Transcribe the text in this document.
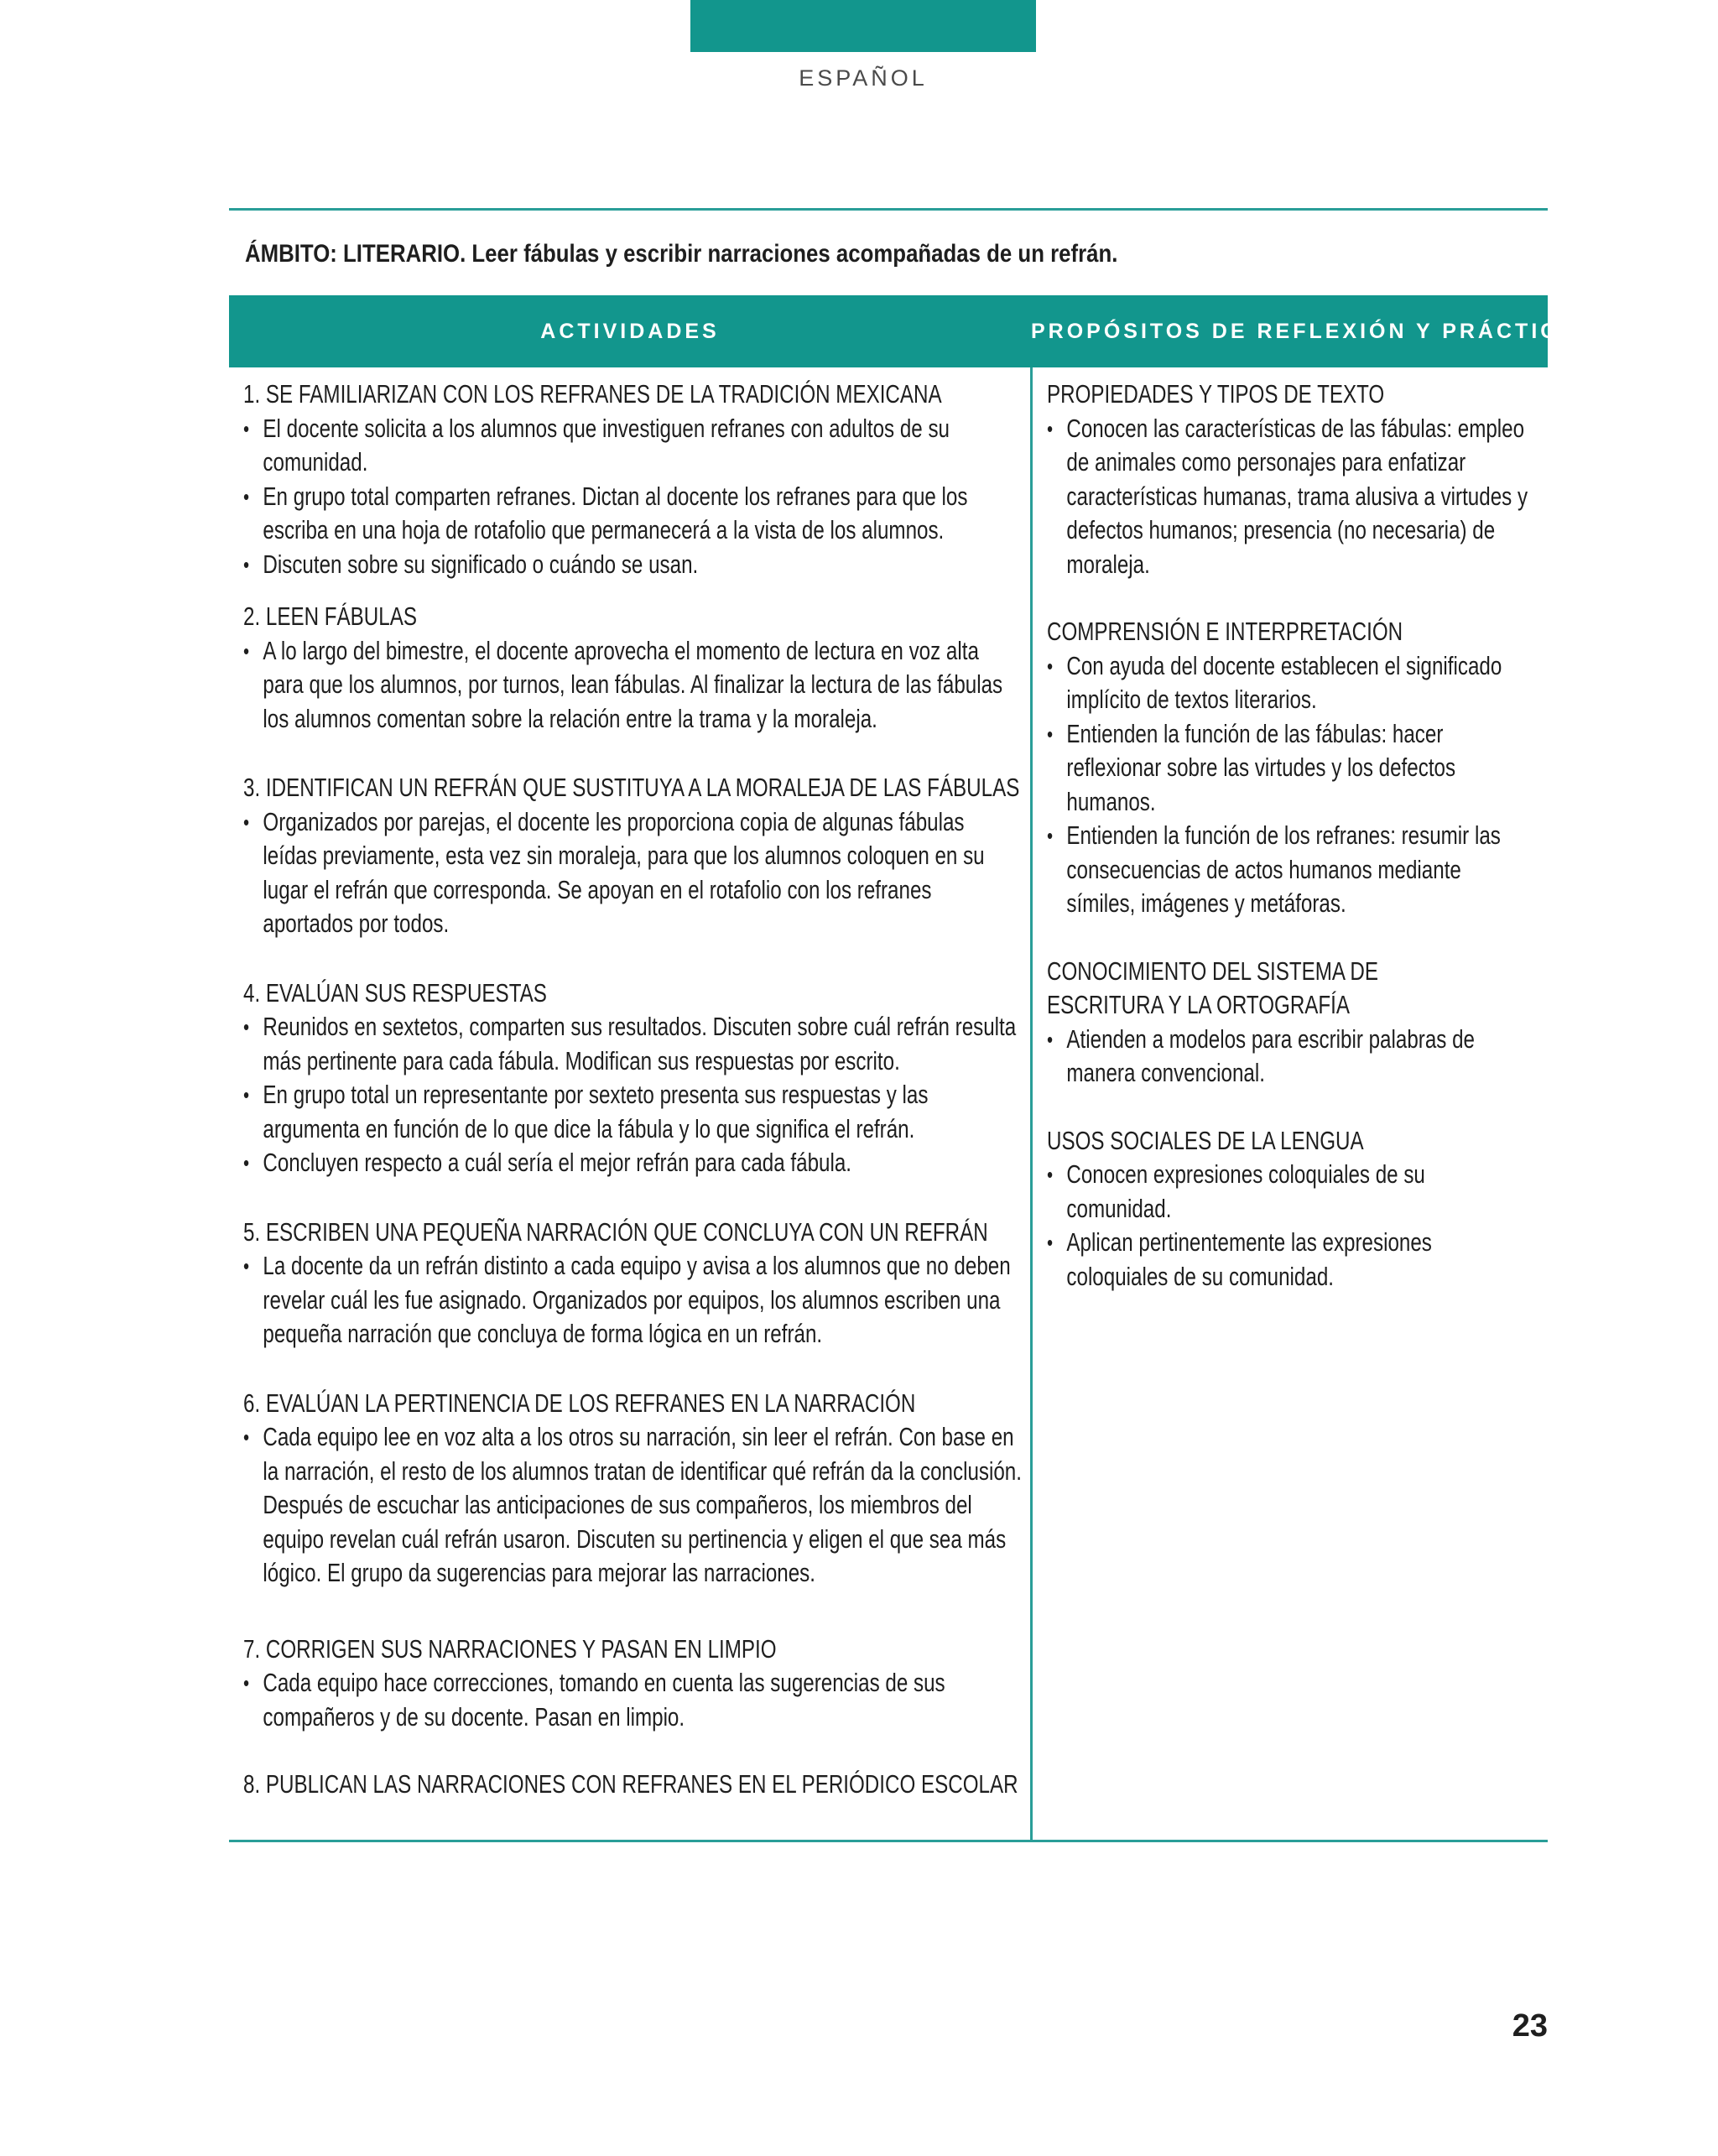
ESPAÑOL
ÁMBITO: LITERARIO. Leer fábulas y escribir narraciones acompañadas de un refrán.
ACTIVIDADES	PROPÓSITOS DE REFLEXIÓN Y PRÁCTICA
1. SE FAMILIARIZAN CON LOS REFRANES DE LA TRADICIÓN MEXICANA
• El docente solicita a los alumnos que investiguen refranes con adultos de su comunidad.
• En grupo total comparten refranes. Dictan al docente los refranes para que los escriba en una hoja de rotafolio que permanecerá a la vista de los alumnos.
• Discuten sobre su significado o cuándo se usan.
2. LEEN FÁBULAS
• A lo largo del bimestre, el docente aprovecha el momento de lectura en voz alta para que los alumnos, por turnos, lean fábulas. Al finalizar la lectura de las fábulas los alumnos comentan sobre la relación entre la trama y la moraleja.
3. IDENTIFICAN UN REFRÁN QUE SUSTITUYA A LA MORALEJA DE LAS FÁBULAS
• Organizados por parejas, el docente les proporciona copia de algunas fábulas leídas previamente, esta vez sin moraleja, para que los alumnos coloquen en su lugar el refrán que corresponda. Se apoyan en el rotafolio con los refranes aportados por todos.
4. EVALÚAN SUS RESPUESTAS
• Reunidos en sextetos, comparten sus resultados. Discuten sobre cuál refrán resulta más pertinente para cada fábula. Modifican sus respuestas por escrito.
• En grupo total un representante por sexteto presenta sus respuestas y las argumenta en función de lo que dice la fábula y lo que significa el refrán.
• Concluyen respecto a cuál sería el mejor refrán para cada fábula.
5. ESCRIBEN UNA PEQUEÑA NARRACIÓN QUE CONCLUYA CON UN REFRÁN
• La docente da un refrán distinto a cada equipo y avisa a los alumnos que no deben revelar cuál les fue asignado. Organizados por equipos, los alumnos escriben una pequeña narración que concluya de forma lógica en un refrán.
6. EVALÚAN LA PERTINENCIA DE LOS REFRANES EN LA NARRACIÓN
• Cada equipo lee en voz alta a los otros su narración, sin leer el refrán. Con base en la narración, el resto de los alumnos tratan de identificar qué refrán da la conclusión. Después de escuchar las anticipaciones de sus compañeros, los miembros del equipo revelan cuál refrán usaron. Discuten su pertinencia y eligen el que sea más lógico. El grupo da sugerencias para mejorar las narraciones.
7. CORRIGEN SUS NARRACIONES Y PASAN EN LIMPIO
• Cada equipo hace correcciones, tomando en cuenta las sugerencias de sus compañeros y de su docente. Pasan en limpio.
8. PUBLICAN LAS NARRACIONES CON REFRANES EN EL PERIÓDICO ESCOLAR
PROPIEDADES Y TIPOS DE TEXTO
• Conocen las características de las fábulas: empleo de animales como personajes para enfatizar características humanas, trama alusiva a virtudes y defectos humanos; presencia (no necesaria) de moraleja.
COMPRENSIÓN E INTERPRETACIÓN
• Con ayuda del docente establecen el significado implícito de textos literarios.
• Entienden la función de las fábulas: hacer reflexionar sobre las virtudes y los defectos humanos.
• Entienden la función de los refranes: resumir las consecuencias de actos humanos mediante símiles, imágenes y metáforas.
CONOCIMIENTO DEL SISTEMA DE ESCRITURA Y LA ORTOGRAFÍA
• Atienden a modelos para escribir palabras de manera convencional.
USOS SOCIALES DE LA LENGUA
• Conocen expresiones coloquiales de su comunidad.
• Aplican pertinentemente las expresiones coloquiales de su comunidad.
23
